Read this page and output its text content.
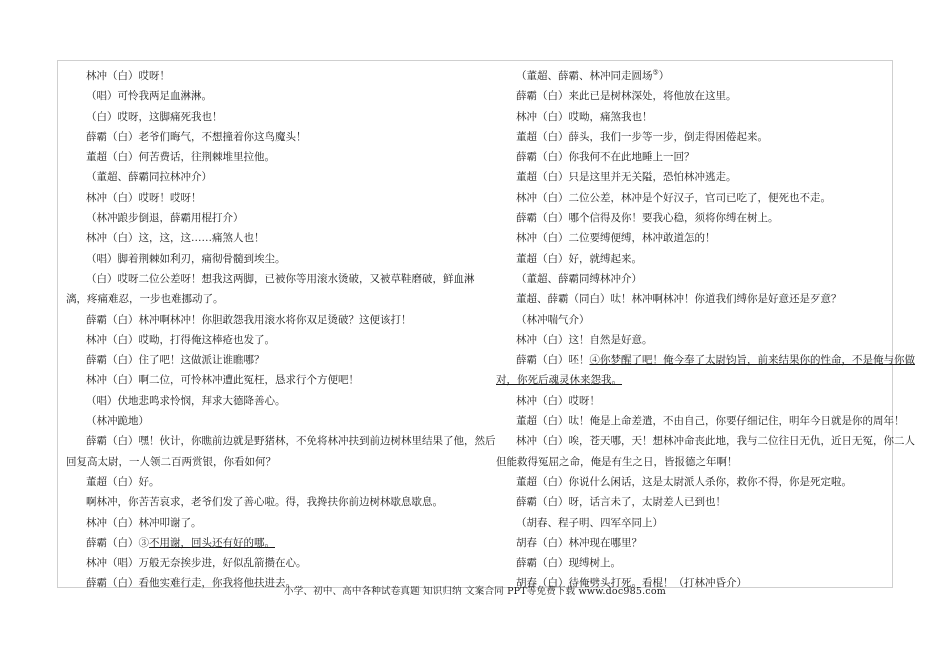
林冲（白）哎呀！
（唱）可怜我两足血淋淋。
（白）哎呀，这脚痛死我也！
薛霸（白）老爷们晦气，不想撞着你这鸟魔头！
董超（白）何苦费话，往荆棘堆里拉他。
（董超、薛霸同拉林冲介）
林冲（白）哎呀！哎呀！
（林冲踉步倒退，薛霸用棍打介）
林冲（白）这，这，这……痛煞人也！
（唱）脚着荆棘如利刃，痛彻骨髓到埃尘。
（白）哎呀二位公差呀！想我这两脚，已被你等用滚水烫破，又被草鞋磨破，鲜血淋
漓，疼痛难忍，一步也难挪动了。
薛霸（白）林冲啊林冲！你胆敢怨我用滚水将你双足烫破？这便该打！
林冲（白）哎呦，打得俺这棒疮也发了。
薛霸（白）住了吧！这做派让谁瞧哪？
林冲（白）啊二位，可怜林冲遭此冤枉，恳求行个方便吧！
（唱）伏地悲鸣求怜悯，拜求大德降善心。
（林冲跪地）
薛霸（白）嘿！伙计，你瞧前边就是野猪林，不免将林冲扶到前边树林里结果了他，然后
回复高太尉，一人领二百两赏银，你看如何？
董超（白）好。
啊林冲，你苦苦哀求，老爷们发了善心啦。得，我搀扶你前边树林歇息歇息。
林冲（白）林冲叩谢了。
薛霸（白）③不用谢，回头还有好的哪。
林冲（唱）万般无奈挨步进，好似乱箭攒在心。
薛霸（白）看他实难行走，你我将他扶进去。
（董超、薛霸、林冲同走圆场⑤）
薛霸（白）来此已是树林深处，将他放在这里。
林冲（白）哎呦，痛煞我也！
董超（白）薛头，我们一步等一步，倒走得困倦起来。
薛霸（白）你我何不在此地睡上一回？
董超（白）只是这里并无关隘，恐怕林冲逃走。
林冲（白）二位公差，林冲是个好汉子，官司已吃了，便死也不走。
薛霸（白）哪个信得及你！要我心稳，须将你缚在树上。
林冲（白）二位要缚便缚，林冲敢道怎的！
董超（白）好，就缚起来。
（董超、薛霸同缚林冲介）
董超、薛霸（同白）呔！林冲啊林冲！你道我们缚你是好意还是歹意？
（林冲喘气介）
林冲（白）这！自然是好意。
薛霸（白）呸！④你梦醒了吧！俺今奉了太尉钧旨，前来结果你的性命，不是俺与你做
对，你死后魂灵休来怨我。
林冲（白）哎呀！
董超（白）呔！俺是上命差遣，不由自己，你要仔细记住，明年今日就是你的周年！
林冲（白）唉，苍天哪，天！想林冲命丧此地，我与二位往日无仇，近日无冤，你二人
但能救得冤屈之命，俺是有生之日，皆报德之年啊！
董超（白）你说什么闲话，这是太尉派人杀你，救你不得，你是死定啦。
薛霸（白）呀，话言未了，太尉差人已到也！
（胡春、程子明、四军卒同上）
胡春（白）林冲现在哪里？
薛霸（白）现缚树上。
胡春（白）待俺劈头打死。看棍！（打林冲昏介）
小学、初中、高中各种试卷真题 知识归纳 文案合同 PPT等免费下载 www.doc985.com
